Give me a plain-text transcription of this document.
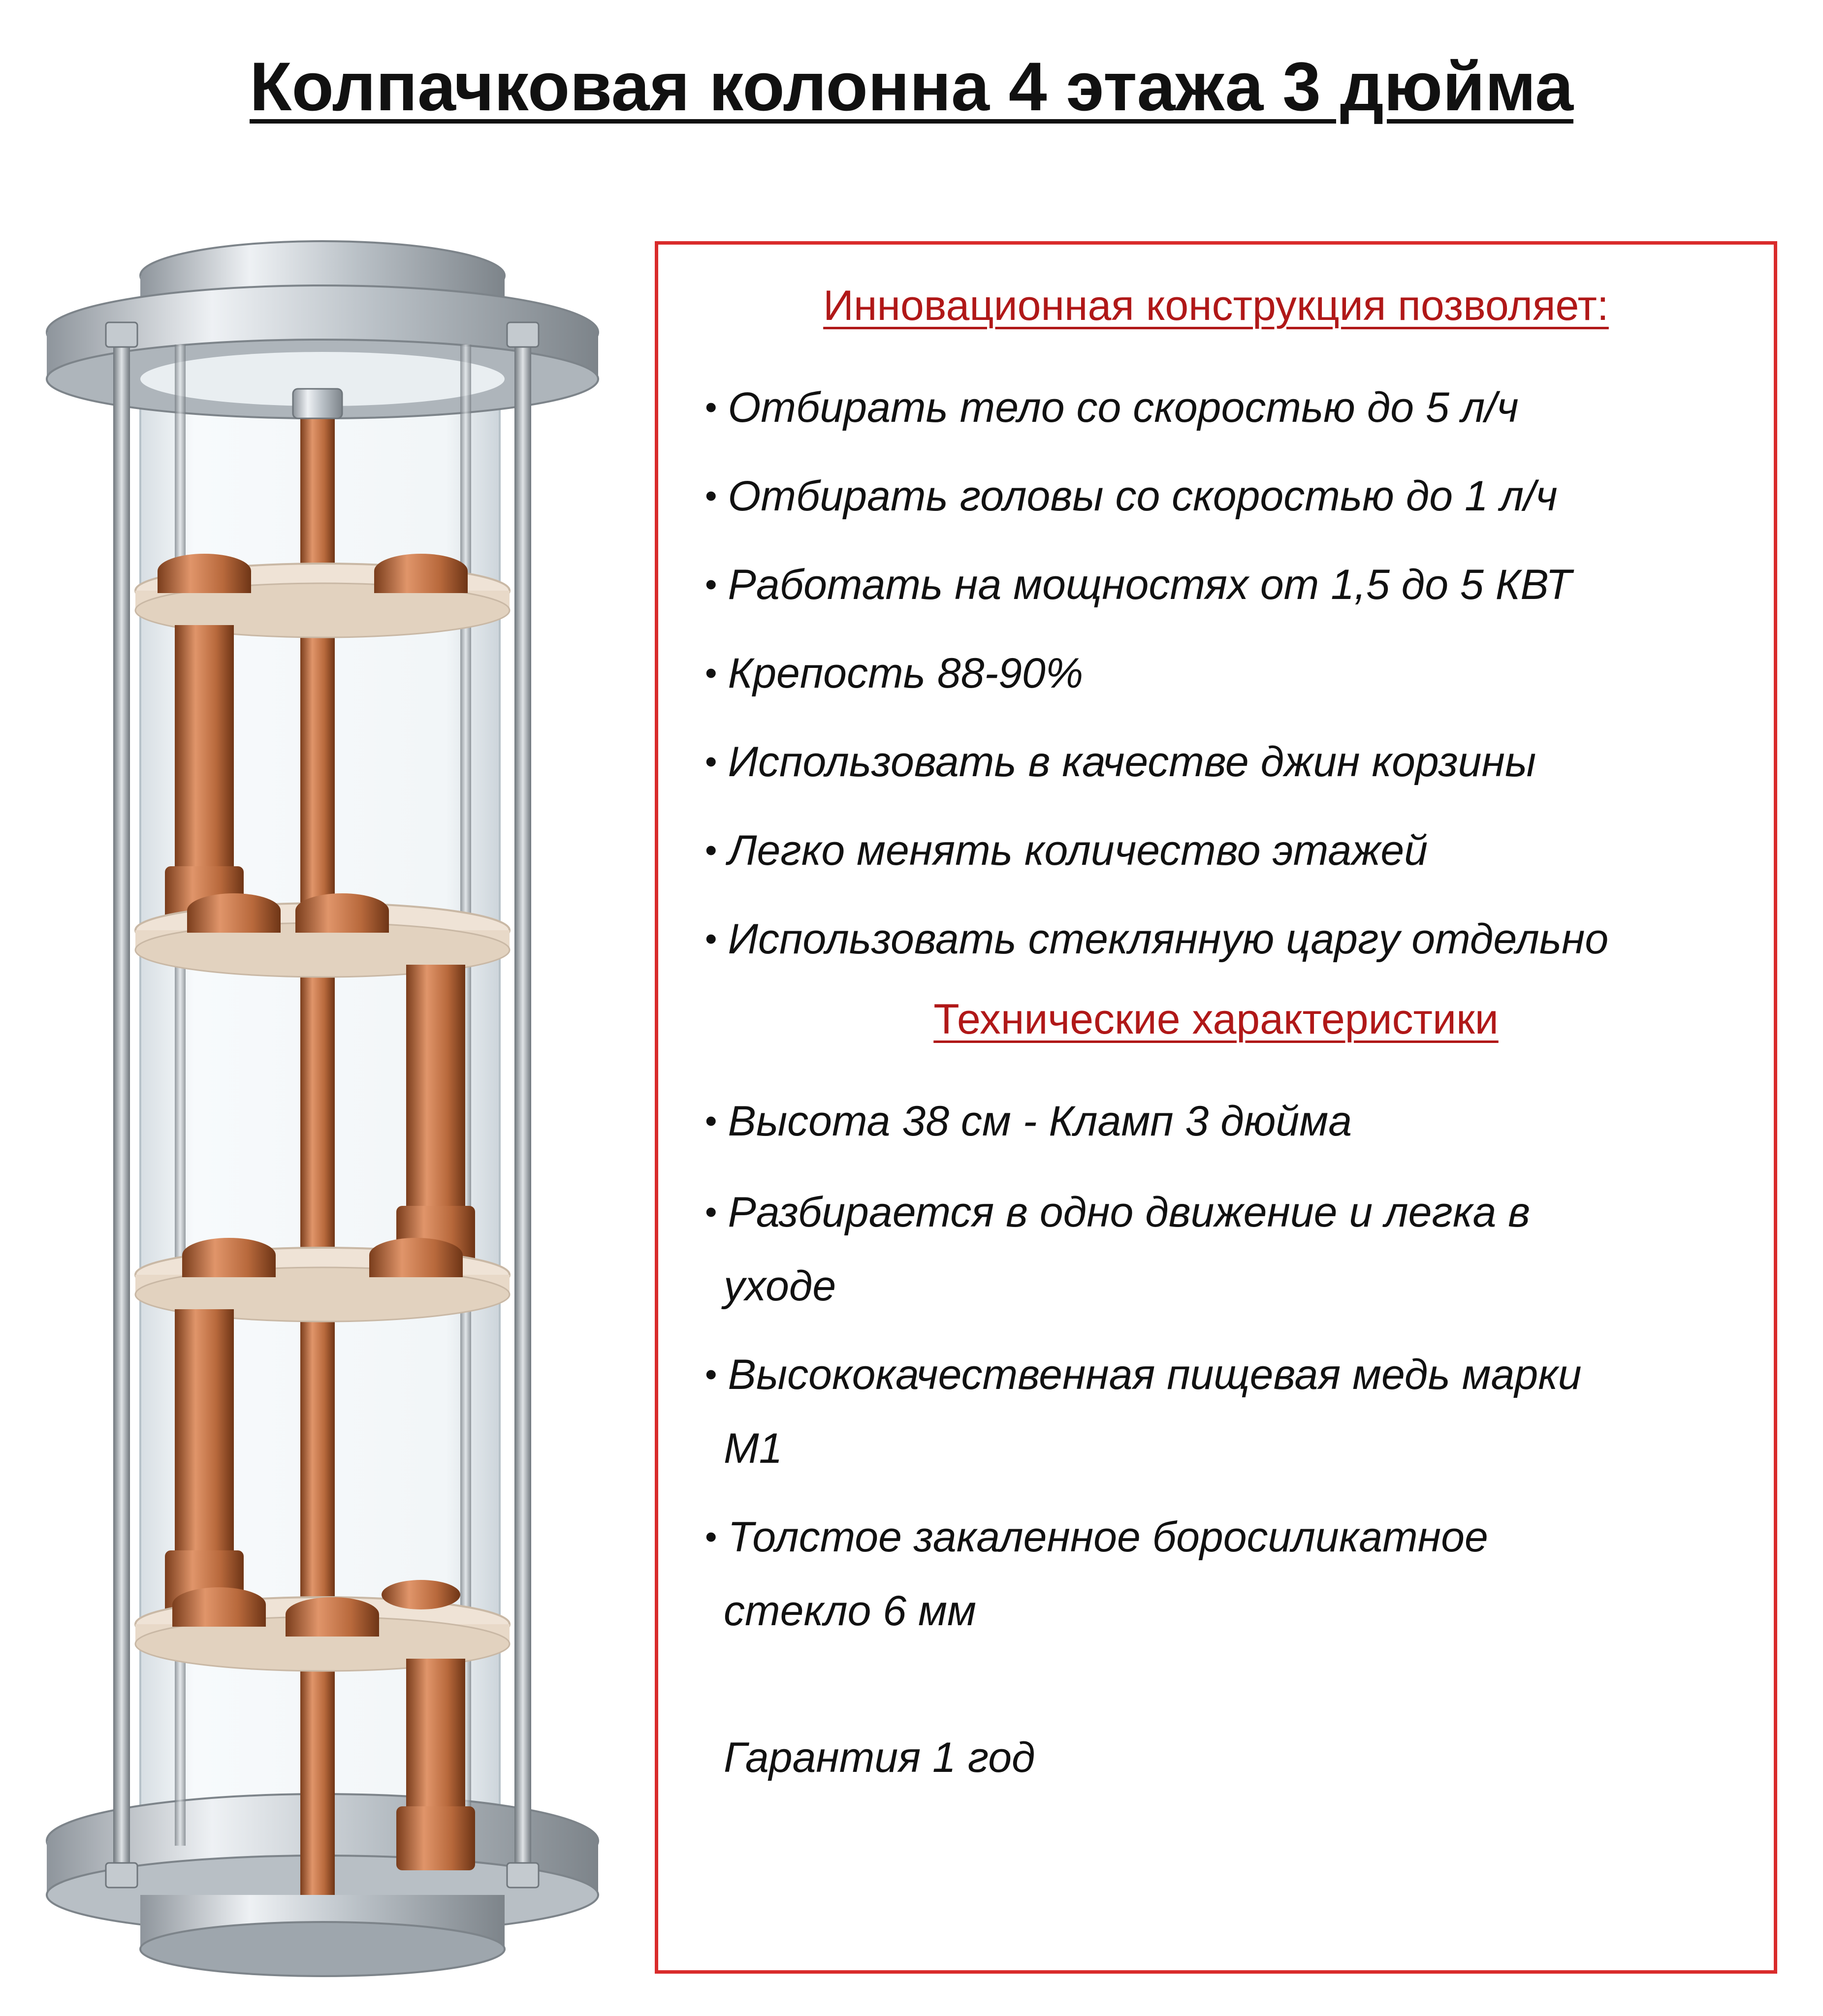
Колпачковая колонна 4 этажа 3 дюйма
Инновационная конструкция позволяет:
• Отбирать тело со скоростью до 5 л/ч
• Отбирать головы со скоростью до 1 л/ч
• Работать на мощностях от 1,5 до 5 КВТ
• Крепость 88-90%
• Использовать в качестве джин корзины
• Легко менять количество этажей
• Использовать стеклянную царгу отдельно
Технические характеристики
• Высота 38 см - Кламп 3 дюйма
• Разбирается в одно движение и легка в
уходе
• Высококачественная пищевая медь марки
М1
• Толстое закаленное боросиликатное
стекло 6 мм
Гарантия 1 год
